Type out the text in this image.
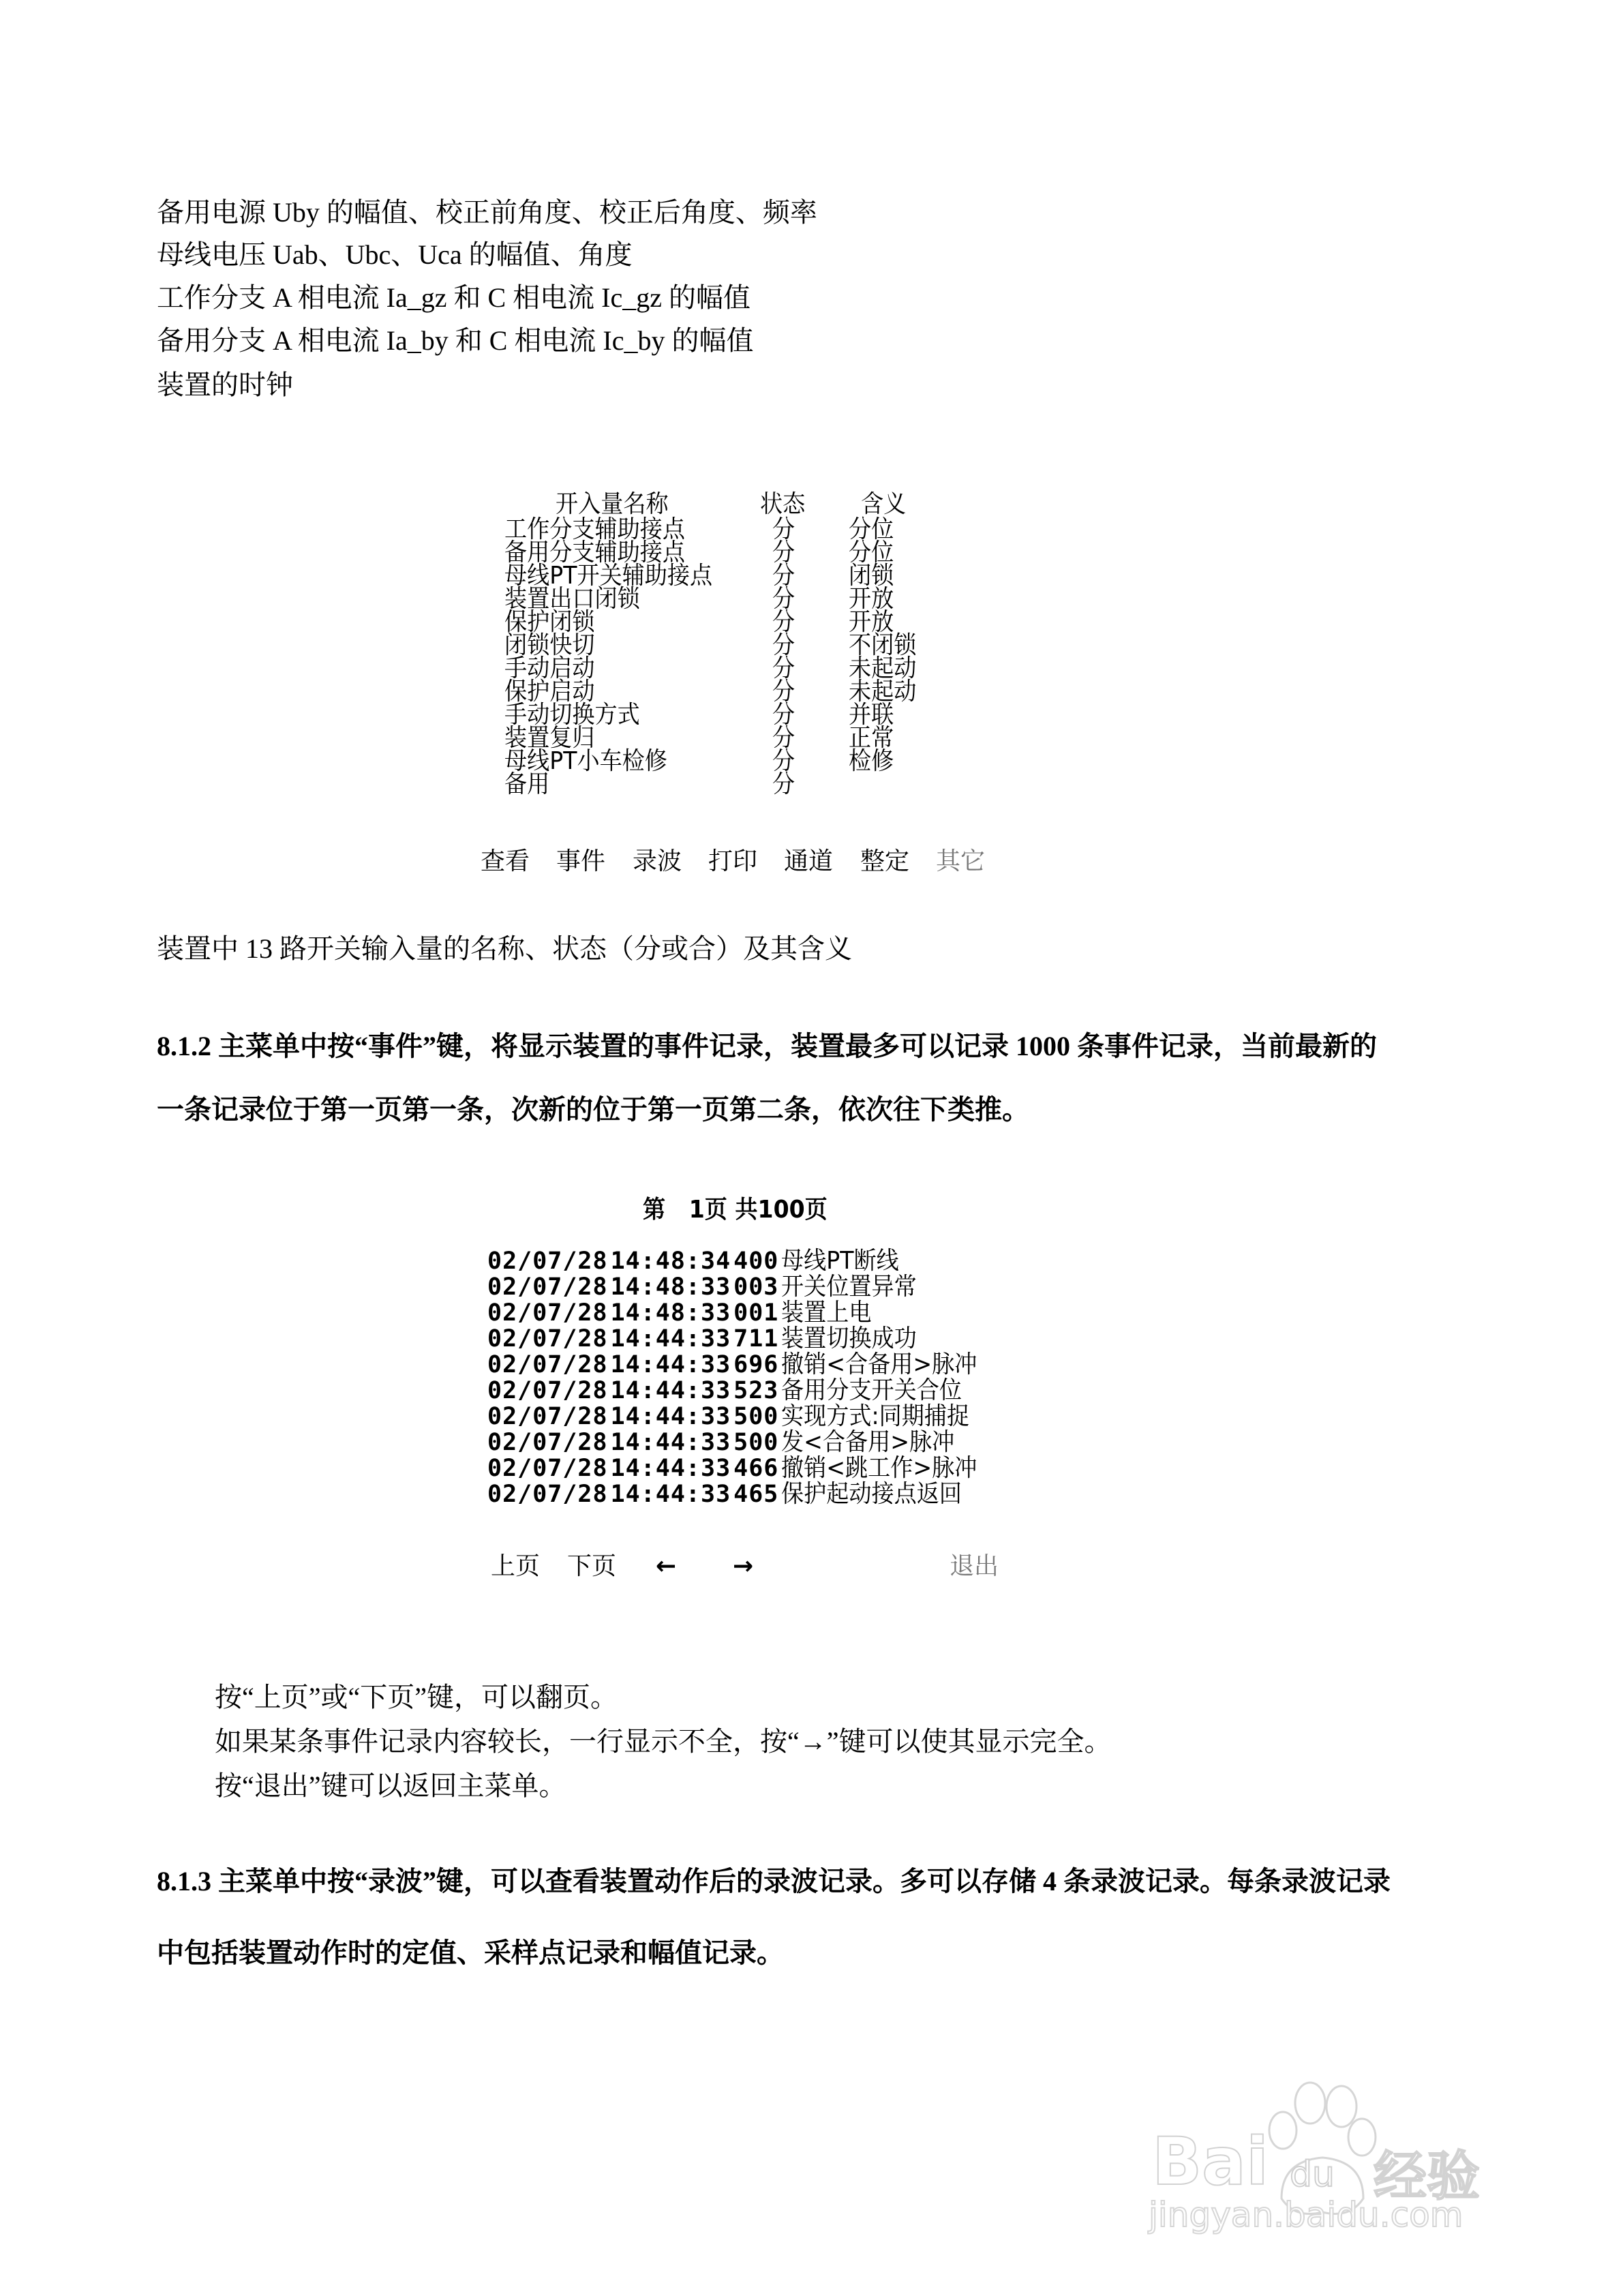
备用电源 Uby 的幅值、校正前角度、校正后角度、频率
母线电压 Uab、Ubc、Uca 的幅值、角度
工作分支 A 相电流 Ia_gz 和 C 相电流 Ic_gz 的幅值
备用分支 A 相电流 Ia_by 和 C 相电流 Ic_by 的幅值
装置的时钟
开入量名称	状态 含义
工作分支辅助接点	分 分位
备用分支辅助接点	分 分位
母线PT开关辅助接点 分 闭锁
装置出口闭锁	分 开放
保护闭锁	分 开放
闭锁快切	分 不闭锁
手动启动	分 未起动
保护启动	分 未起动
手动切换方式	分 并联
装置复归	分 正常
母线PT小车检修	分 检修
备用	分
查看 事件 录波 打印 通道 整定 其它
装置中 13 路开关输入量的名称、状态（分或合）及其含义
8.1.2 主菜单中按“事件”键，将显示装置的事件记录，装置最多可以记录 1000 条事件记录，当前最新的
一条记录位于第一页第一条，次新的位于第一页第二条，依次往下类推。
第   1页 共100页
02/07/28 14:48:34 400 母线PT断线
02/07/28 14:48:33 003 开关位置异常
02/07/28 14:48:33 001 装置上电
02/07/28 14:44:33 711 装置切换成功
02/07/28 14:44:33 696 撤销<合备用>脉冲
02/07/28 14:44:33 523 备用分支开关合位
02/07/28 14:44:33 500 实现方式:同期捕捉
02/07/28 14:44:33 500 发<合备用>脉冲
02/07/28 14:44:33 466 撤销<跳工作>脉冲
02/07/28 14:44:33 465 保护起动接点返回
上页 下页 ← →	退出
按“上页”或“下页”键，可以翻页。
如果某条事件记录内容较长，一行显示不全，按“→”键可以使其显示完全。
按“退出”键可以返回主菜单。
8.1.3 主菜单中按“录波”键，可以查看装置动作后的录波记录。多可以存储 4 条录波记录。每条录波记录
中包括装置动作时的定值、采样点记录和幅值记录。
Bai du 经验
jingyan.baidu.com
